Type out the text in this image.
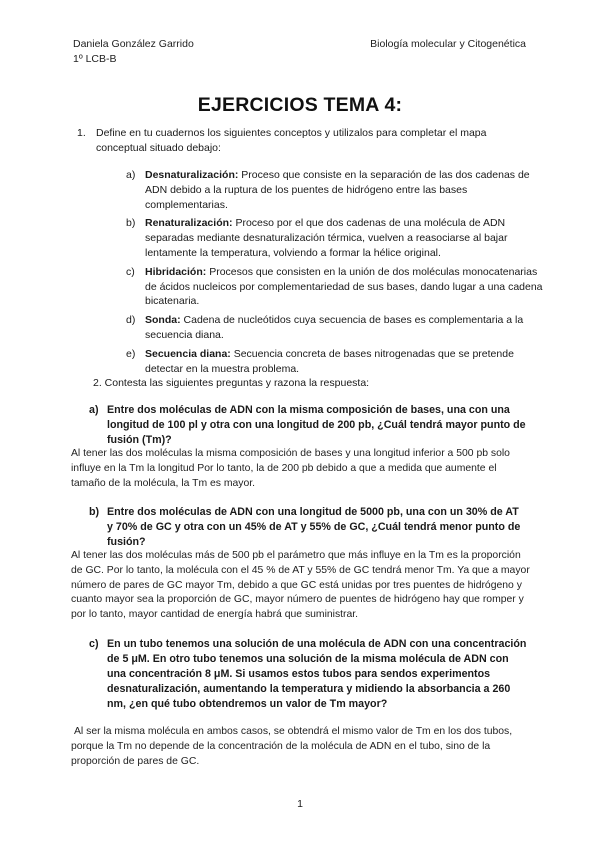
Daniela González Garrido
1º LCB-B
Biología molecular y Citogenética
EJERCICIOS TEMA 4:
1. Define en tu cuadernos los siguientes conceptos y utilizalos para completar el mapa conceptual situado debajo:
a) Desnaturalización: Proceso que consiste en la separación de las dos cadenas de ADN debido a la ruptura de los puentes de hidrógeno entre las bases complementarias.
b) Renaturalización: Proceso por el que dos cadenas de una molécula de ADN separadas mediante desnaturalización térmica, vuelven a reasociarse al bajar lentamente la temperatura, volviendo a formar la hélice original.
c) Hibridación: Procesos que consisten en la unión de dos moléculas monocatenarias de ácidos nucleicos por complementariedad de sus bases, dando lugar a una cadena bicatenaria.
d) Sonda: Cadena de nucleótidos cuya secuencia de bases es complementaria a la secuencia diana.
e) Secuencia diana: Secuencia concreta de bases nitrogenadas que se pretende detectar en la muestra problema.
2. Contesta las siguientes preguntas y razona la respuesta:
a) Entre dos moléculas de ADN con la misma composición de bases, una con una longitud de 100 pl y otra con una longitud de 200 pb, ¿Cuál tendrá mayor punto de fusión (Tm)?
Al tener las dos moléculas la misma composición de bases y una longitud inferior a 500 pb solo influye en la Tm la longitud Por lo tanto, la de 200 pb debido a que a medida que aumente el tamaño de la molécula, la Tm es mayor.
b) Entre dos moléculas de ADN con una longitud de 5000 pb, una con un 30% de AT y 70% de GC y otra con un 45% de AT y 55% de GC, ¿Cuál tendrá menor punto de fusión?
Al tener las dos moléculas más de 500 pb el parámetro que más influye en la Tm es la proporción de GC. Por lo tanto, la molécula con el 45 % de AT y 55% de GC tendrá menor Tm. Ya que a mayor número de pares de GC mayor Tm, debido a que GC está unidas por tres puentes de hidrógeno y cuanto mayor sea la proporción de GC, mayor número de puentes de hidrógeno hay que romper y por lo tanto, mayor cantidad de energía habrá que suministrar.
c) En un tubo tenemos una solución de una molécula de ADN con una concentración de 5 μM. En otro tubo tenemos una solución de la misma molécula de ADN con una concentración 8 μM. Si usamos estos tubos para sendos experimentos desnaturalización, aumentando la temperatura y midiendo la absorbancia a 260 nm, ¿en qué tubo obtendremos un valor de Tm mayor?
Al ser la misma molécula en ambos casos, se obtendrá el mismo valor de Tm en los dos tubos, porque la Tm no depende de la concentración de la molécula de ADN en el tubo, sino de la proporción de pares de GC.
1
